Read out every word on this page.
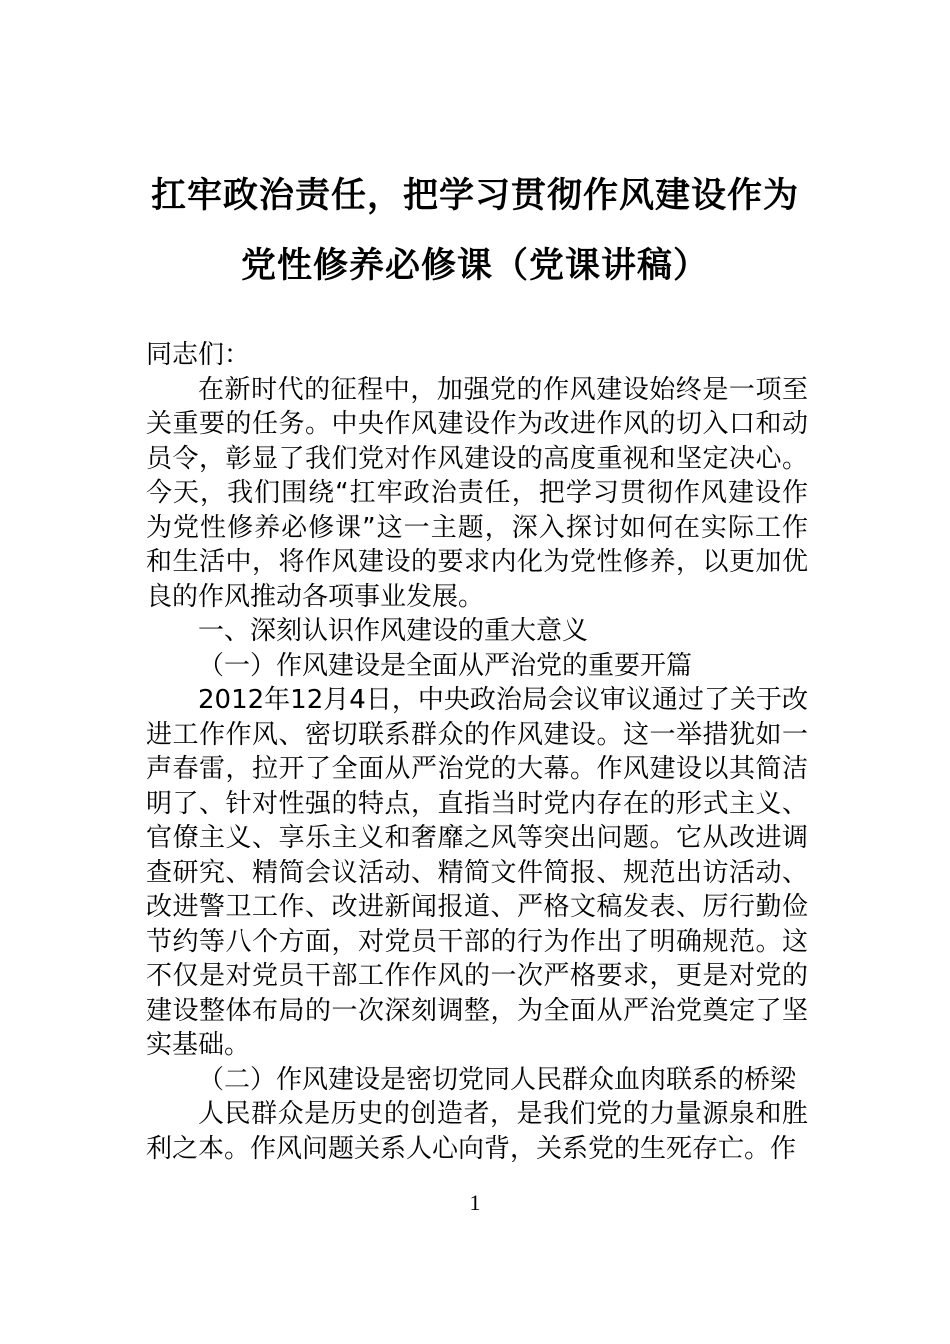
扛牢政治责任，把学习贯彻作风建设作为
党性修养必修课（党课讲稿）

同志们：

在新时代的征程中，加强党的作风建设始终是一项至关重要的任务。中央作风建设作为改进作风的切入口和动员令，彰显了我们党对作风建设的高度重视和坚定决心。今天，我们围绕“扛牢政治责任，把学习贯彻作风建设作为党性修养必修课”这一主题，深入探讨如何在实际工作和生活中，将作风建设的要求内化为党性修养，以更加优良的作风推动各项事业发展。

一、深刻认识作风建设的重大意义

（一）作风建设是全面从严治党的重要开篇

2012年12月4日，中央政治局会议审议通过了关于改进工作作风、密切联系群众的作风建设。这一举措犹如一声春雷，拉开了全面从严治党的大幕。作风建设以其简洁明了、针对性强的特点，直指当时党内存在的形式主义、官僚主义、享乐主义和奢靡之风等突出问题。它从改进调查研究、精简会议活动、精简文件简报、规范出访活动、改进警卫工作、改进新闻报道、严格文稿发表、厉行勤俭节约等八个方面，对党员干部的行为作出了明确规范。这不仅是对党员干部工作作风的一次严格要求，更是对党的建设整体布局的一次深刻调整，为全面从严治党奠定了坚实基础。

（二）作风建设是密切党同人民群众血肉联系的桥梁

人民群众是历史的创造者，是我们党的力量源泉和胜利之本。作风问题关系人心向背，关系党的生死存亡。作

1
